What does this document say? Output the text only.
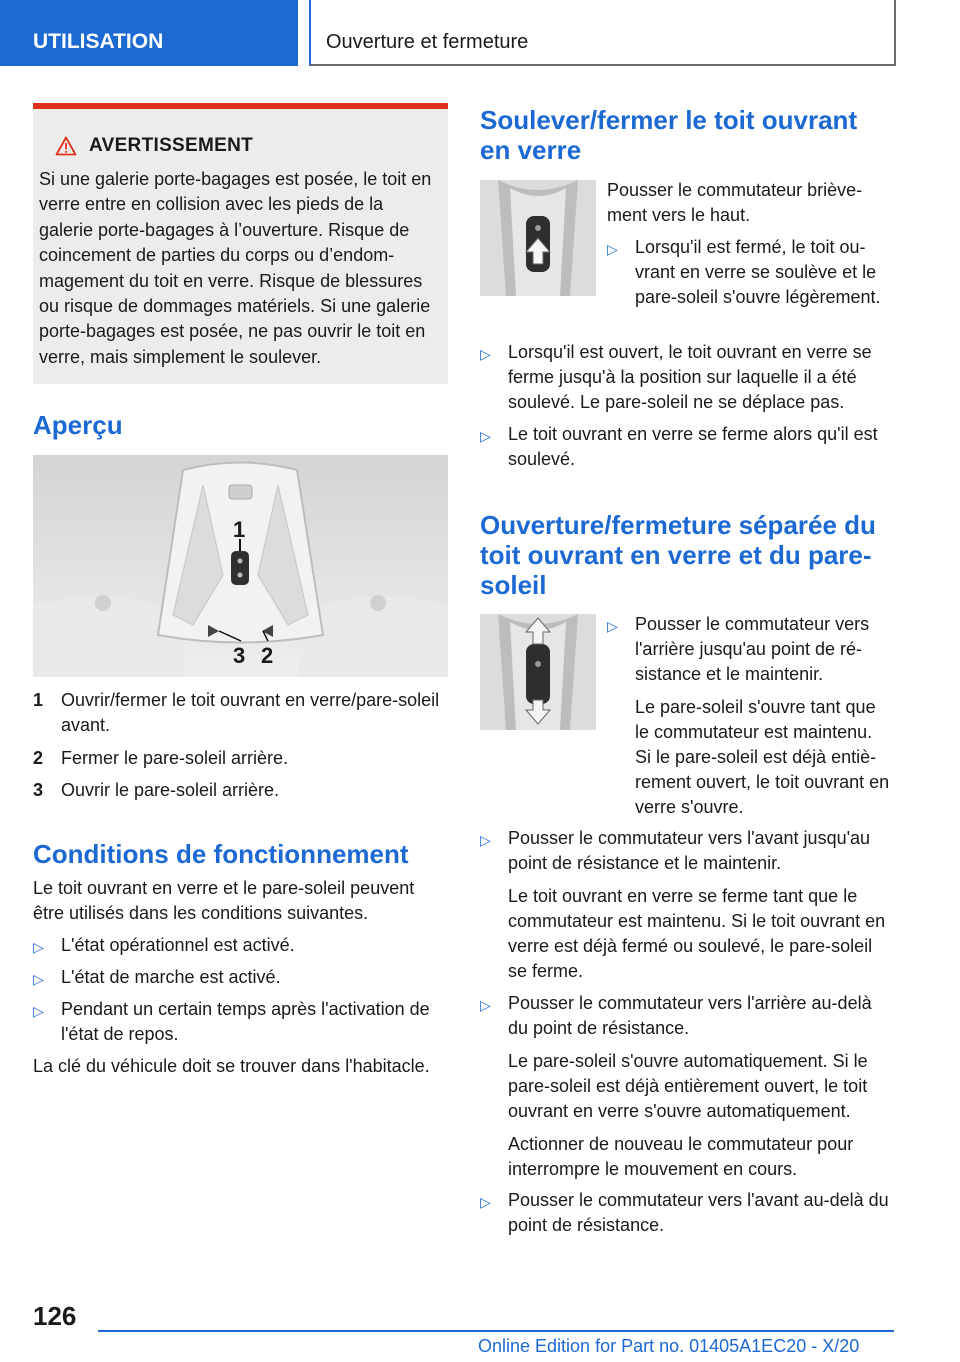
UTILISATION	Ouverture et fermeture
AVERTISSEMENT
Si une galerie porte-bagages est posée, le toit en verre entre en collision avec les pieds de la galerie porte-bagages à l’ouverture. Risque de coincement de parties du corps ou d’endommagement du toit en verre. Risque de blessures ou risque de dommages matériels. Si une galerie porte-bagages est posée, ne pas ouvrir le toit en verre, mais simplement le soulever.
Aperçu
1
3 2
1 Ouvrir/fermer le toit ouvrant en verre/pare-soleil avant.
2 Fermer le pare-soleil arrière.
3 Ouvrir le pare-soleil arrière.
Conditions de fonctionnement
Le toit ouvrant en verre et le pare-soleil peuvent être utilisés dans les conditions suivantes.
▷ L'état opérationnel est activé.
▷ L'état de marche est activé.
▷ Pendant un certain temps après l'activation de l'état de repos.
La clé du véhicule doit se trouver dans l'habitacle.
Soulever/fermer le toit ouvrant en verre
Pousser le commutateur brièvement vers le haut.
▷ Lorsqu'il est fermé, le toit ouvrant en verre se soulève et le pare-soleil s'ouvre légèrement.
▷ Lorsqu'il est ouvert, le toit ouvrant en verre se ferme jusqu'à la position sur laquelle il a été soulevé. Le pare-soleil ne se déplace pas.
▷ Le toit ouvrant en verre se ferme alors qu'il est soulevé.
Ouverture/fermeture séparée du toit ouvrant en verre et du pare-soleil
▷ Pousser le commutateur vers l'arrière jusqu'au point de résistance et le maintenir.
Le pare-soleil s'ouvre tant que le commutateur est maintenu. Si le pare-soleil est déjà entièrement ouvert, le toit ouvrant en verre s'ouvre.
▷ Pousser le commutateur vers l'avant jusqu'au point de résistance et le maintenir.
Le toit ouvrant en verre se ferme tant que le commutateur est maintenu. Si le toit ouvrant en verre est déjà fermé ou soulevé, le pare-soleil se ferme.
▷ Pousser le commutateur vers l'arrière au-delà du point de résistance.
Le pare-soleil s'ouvre automatiquement. Si le pare-soleil est déjà entièrement ouvert, le toit ouvrant en verre s'ouvre automatiquement.
Actionner de nouveau le commutateur pour interrompre le mouvement en cours.
▷ Pousser le commutateur vers l'avant au-delà du point de résistance.
126
Online Edition for Part no. 01405A1EC20 - X/20
